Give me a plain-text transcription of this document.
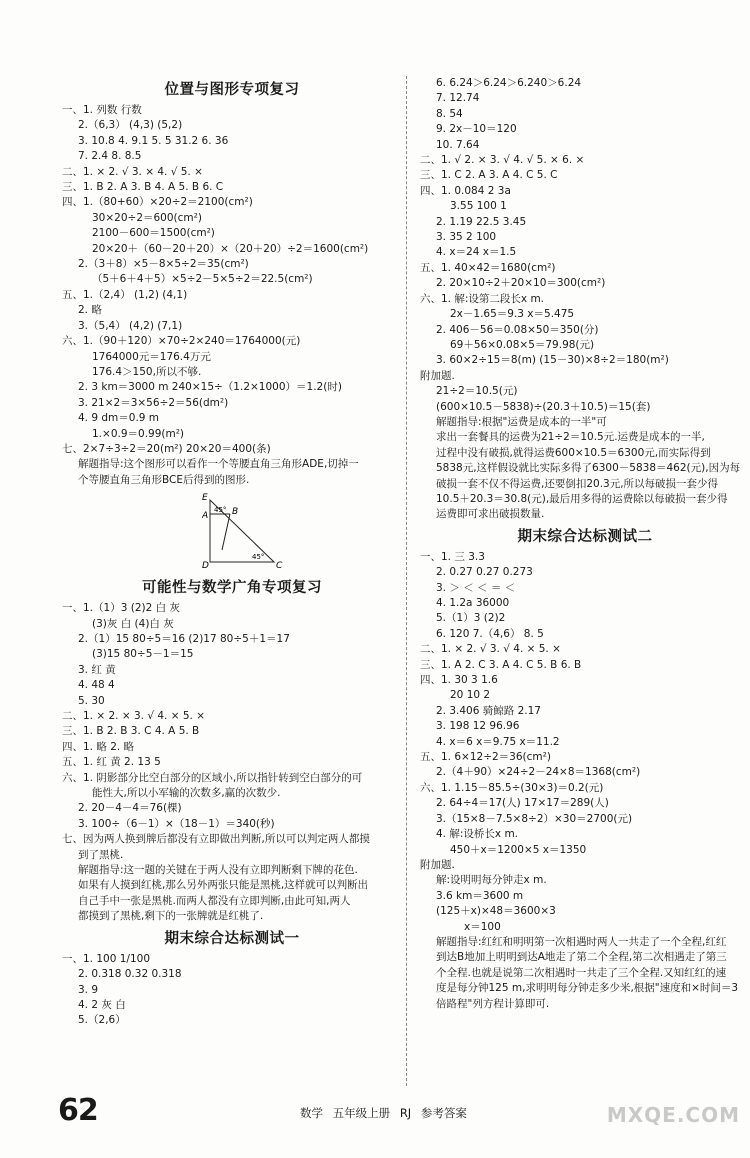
位置与图形专项复习
一、1. 列数 行数
2.（6,3） (4,3) (5,2)
3. 10.8 4. 9.1 5. 5 31.2 6. 36
7. 2.4 8. 8.5
二、1. × 2. √ 3. × 4. √ 5. ×
三、1. B 2. A 3. B 4. A 5. B 6. C
四、1.（80+60）×20÷2＝2100(cm²)
30×20÷2＝600(cm²)
2100－600＝1500(cm²)
20×20＋（60－20＋20）×（20＋20）÷2＝1600(cm²)
2.（3＋8）×5－8×5÷2＝35(cm²)
（5＋6＋4＋5）×5÷2－5×5÷2＝22.5(cm²)
五、1.（2,4） (1,2) (4,1)
2. 略
3.（5,4） (4,2) (7,1)
六、1.（90＋120）×70÷2×240＝1764000(元)
1764000元＝176.4万元
176.4＞150,所以不够.
2. 3 km＝3000 m 240×15÷（1.2×1000）＝1.2(时)
3. 21×2＝3×56÷2＝56(dm²)
4. 9 dm＝0.9 m
1.×0.9＝0.99(m²)
七、2×7÷3÷2＝20(m²) 20×20＝400(条)
解题指导:这个图形可以看作一个等腰直角三角形ADE,切掉一
个等腰直角三角形BCE后得到的图形.
E
A	B
D	C
45°
45°
可能性与数学广角专项复习
一、1.（1）3 (2)2 白 灰
(3)灰 白 (4)白 灰
2.（1）15 80÷5＝16 (2)17 80÷5＋1＝17
(3)15 80÷5－1＝15
3. 红 黄
4. 48 4
5. 30
二、1. × 2. × 3. √ 4. × 5. ×
三、1. B 2. B 3. C 4. A 5. B
四、1. 略 2. 略
五、1. 红 黄 2. 13 5
六、1. 阴影部分比空白部分的区域小,所以指针转到空白部分的可
能性大,所以小军输的次数多,赢的次数少.
2. 20－4－4＝76(棵)
3. 100÷（6－1）×（18－1）＝340(秒)
七、因为两人换到牌后都没有立即做出判断,所以可以判定两人都摸
到了黑桃.
解题指导:这一题的关键在于两人没有立即判断剩下牌的花色.
如果有人摸到红桃,那么另外两张只能是黑桃,这样就可以判断出
自己手中一张是黑桃.而两人都没有立即判断,由此可知,两人
都摸到了黑桃,剩下的一张牌就是红桃了.
期末综合达标测试一
一、1. 100 1/100
2. 0.318 0.32 0.318
3. 9
4. 2 灰 白
5.（2,6）
6. 6.24＞6.24＞6.240＞6.24
7. 12.74
8. 54
9. 2x－10＝120
10. 7.64
二、1. √ 2. × 3. √ 4. √ 5. × 6. ×
三、1. C 2. A 3. A 4. C 5. C
四、1. 0.084 2 3a
3.55 100 1
2. 1.19 22.5 3.45
3. 35 2 100
4. x＝24 x＝1.5
五、1. 40×42＝1680(cm²)
2. 20×10÷2＋20×10＝300(cm²)
六、1. 解:设第二段长x m.
2x－1.65＝9.3 x＝5.475
2. 406－56＝0.08×50＝350(分)
69＋56×0.08×5＝79.98(元)
3. 60×2÷15＝8(m) (15－30)×8÷2＝180(m²)
附加题.
21÷2＝10.5(元)
(600×10.5－5838)÷(20.3＋10.5)＝15(套)
解题指导:根据"运费是成本的一半"可
求出一套餐具的运费为21÷2＝10.5元.运费是成本的一半,
过程中没有破损,就得运费600×10.5＝6300元,而实际得到
5838元,这样假设就比实际多得了6300－5838＝462(元),因为每
破损一套不仅不得运费,还要倒扣20.3元,所以每破损一套少得
10.5＋20.3＝30.8(元),最后用多得的运费除以每破损一套少得
运费即可求出破损数量.
期末综合达标测试二
一、1. 三 3.3
2. 0.27 0.27 0.273
3. ＞ ＜ ＜ ＝ ＜
4. 1.2a 36000
5.（1）3 (2)2
6. 120 7.（4,6） 8. 5
二、1. × 2. √ 3. √ 4. × 5. ×
三、1. A 2. C 3. A 4. C 5. B 6. B
四、1. 30 3 1.6
20 10 2
2. 3.406 骑鲸路 2.17
3. 198 12 96.96
4. x＝6 x＝9.75 x＝11.2
五、1. 6×12÷2＝36(cm²)
2.（4＋90）×24÷2－24×8＝1368(cm²)
六、1. 1.15－85.5÷(30×3)＝0.2(元)
2. 64÷4＝17(人) 17×17＝289(人)
3.（15×8－7.5×8÷2）×30＝2700(元)
4. 解:设桥长x m.
450＋x＝1200×5 x＝1350
附加题.
解:设明明每分钟走x m.
3.6 km＝3600 m
(125＋x)×48＝3600×3
x＝100
解题指导:红红和明明第一次相遇时两人一共走了一个全程,红红
到达B地加上明明到达A地走了第二个全程,第二次相遇走了第三
个全程.也就是说第二次相遇时一共走了三个全程.又知红红的速
度是每分钟125 m,求明明每分钟走多少米,根据"速度和×时间＝3
倍路程"列方程计算即可.
62	数学 五年级上册 RJ 参考答案	MXQE.COM
